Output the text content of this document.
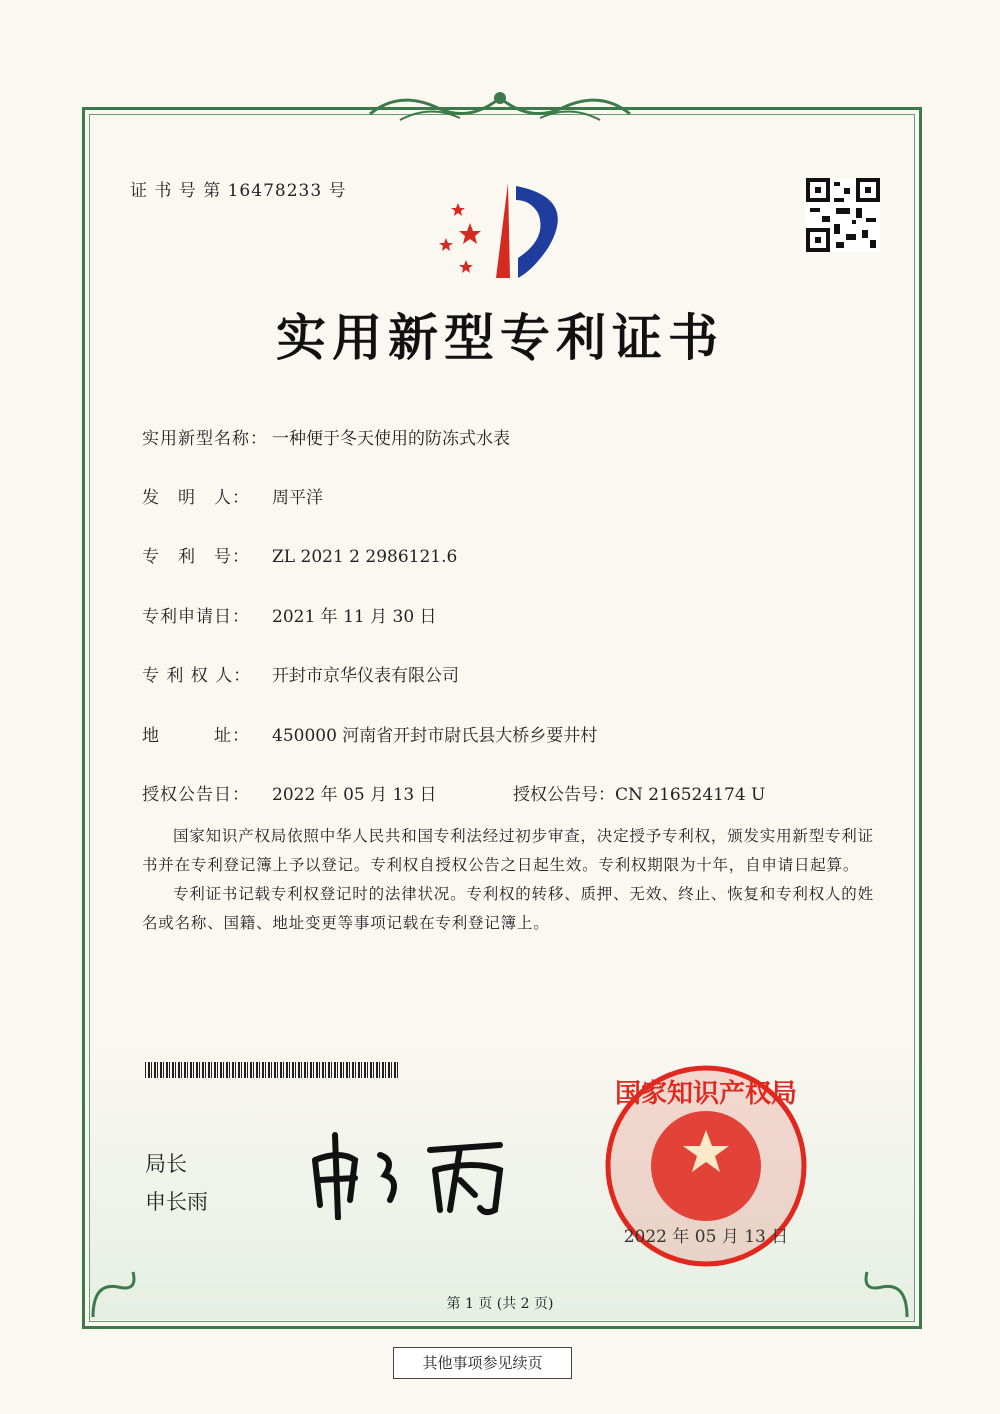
证 书 号 第 16478233 号
实用新型专利证书
实用新型名称： 一种便于冬天使用的防冻式水表
发　明　人： 周平洋
专　利　号： ZL 2021 2 2986121.6
专利申请日： 2021 年 11 月 30 日
专 利 权 人： 开封市京华仪表有限公司
地　　　址： 450000 河南省开封市尉氏县大桥乡要井村
授权公告日： 2022 年 05 月 13 日	授权公告号：CN 216524174 U

国家知识产权局依照中华人民共和国专利法经过初步审查，决定授予专利权，颁发实用新型专利证书并在专利登记簿上予以登记。专利权自授权公告之日起生效。专利权期限为十年，自申请日起算。

专利证书记载专利权登记时的法律状况。专利权的转移、质押、无效、终止、恢复和专利权人的姓名或名称、国籍、地址变更等事项记载在专利登记簿上。

局长
申长雨
国家知识产权局
2022 年 05 月 13 日
第 1 页 (共 2 页)
其他事项参见续页
